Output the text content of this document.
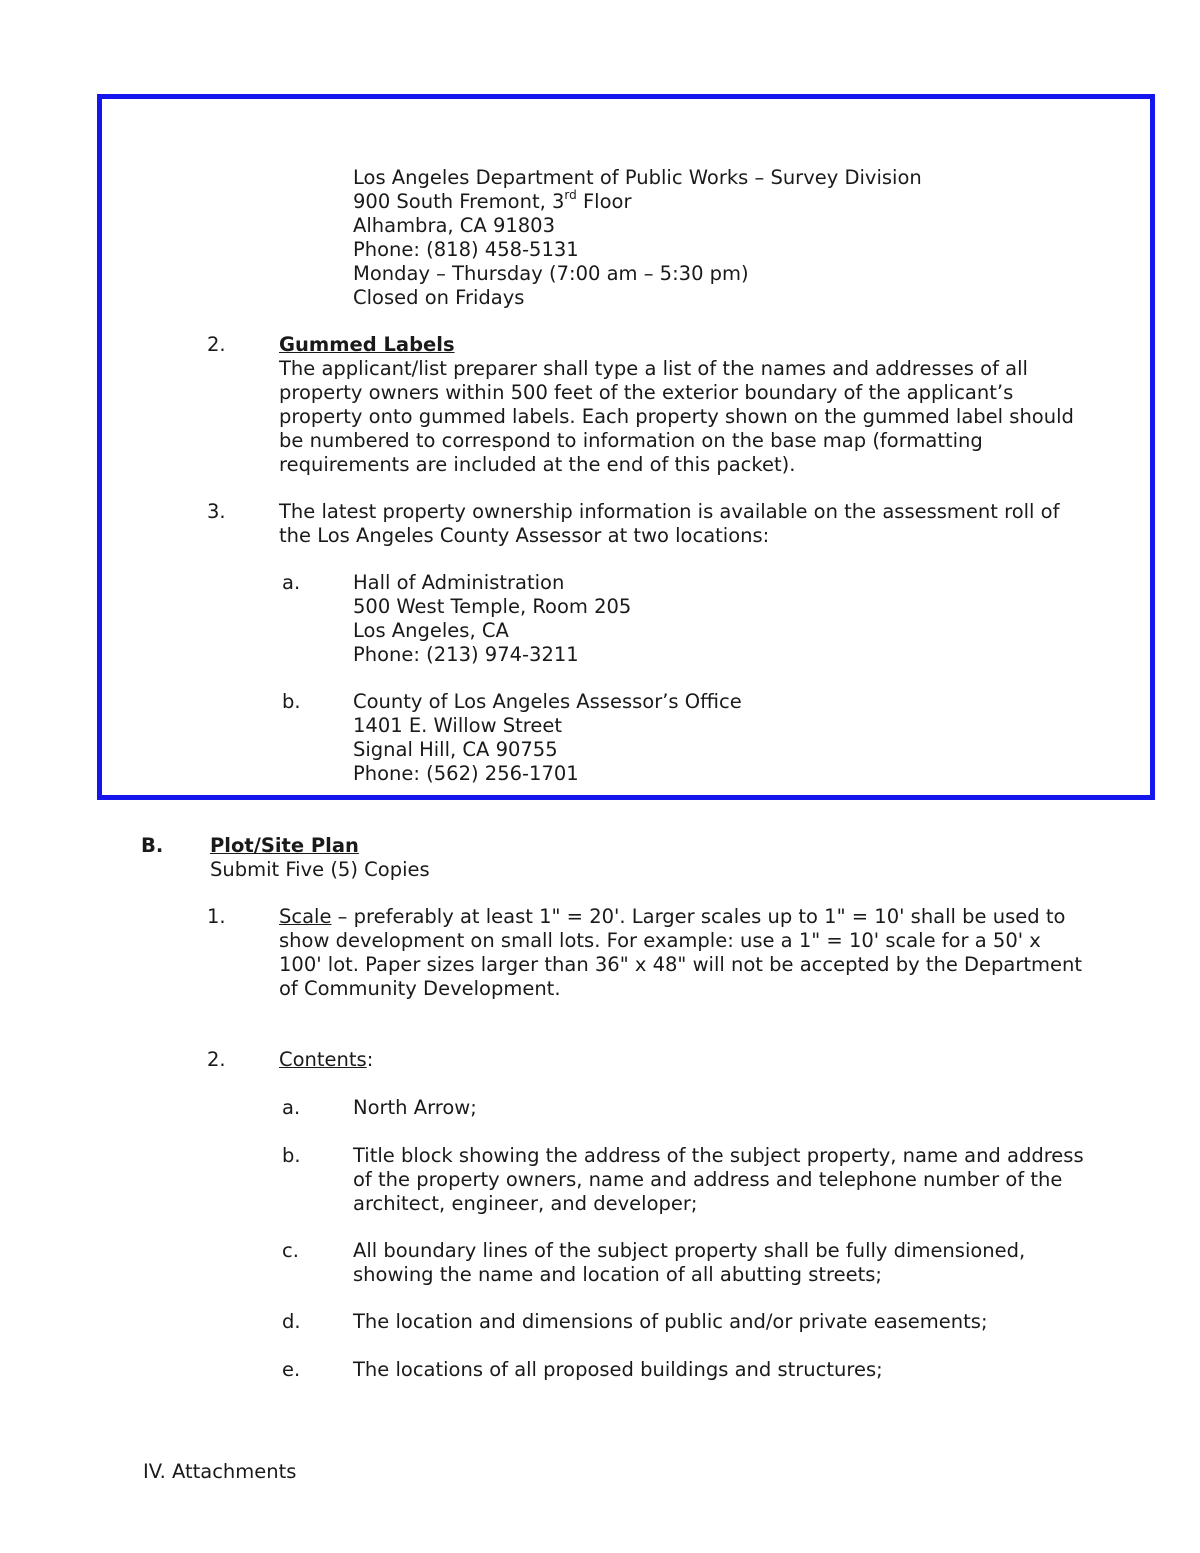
Los Angeles Department of Public Works – Survey Division
900 South Fremont, 3rd Floor
Alhambra, CA 91803
Phone: (818) 458-5131
Monday – Thursday (7:00 am – 5:30 pm)
Closed on Fridays
2.	Gummed Labels
The applicant/list preparer shall type a list of the names and addresses of all
property owners within 500 feet of the exterior boundary of the applicant’s
property onto gummed labels. Each property shown on the gummed label should
be numbered to correspond to information on the base map (formatting
requirements are included at the end of this packet).
3.	The latest property ownership information is available on the assessment roll of
the Los Angeles County Assessor at two locations:
a.	Hall of Administration
500 West Temple, Room 205
Los Angeles, CA
Phone: (213) 974-3211
b.	County of Los Angeles Assessor’s Office
1401 E. Willow Street
Signal Hill, CA 90755
Phone: (562) 256-1701
B. Plot/Site Plan
Submit Five (5) Copies
1.	Scale – preferably at least 1" = 20'. Larger scales up to 1" = 10' shall be used to
show development on small lots. For example: use a 1" = 10' scale for a 50' x
100' lot. Paper sizes larger than 36" x 48" will not be accepted by the Department
of Community Development.
2.	Contents:
a.	North Arrow;
b.	Title block showing the address of the subject property, name and address
of the property owners, name and address and telephone number of the
architect, engineer, and developer;
c.	All boundary lines of the subject property shall be fully dimensioned,
showing the name and location of all abutting streets;
d.	The location and dimensions of public and/or private easements;
e.	The locations of all proposed buildings and structures;
IV. Attachments
